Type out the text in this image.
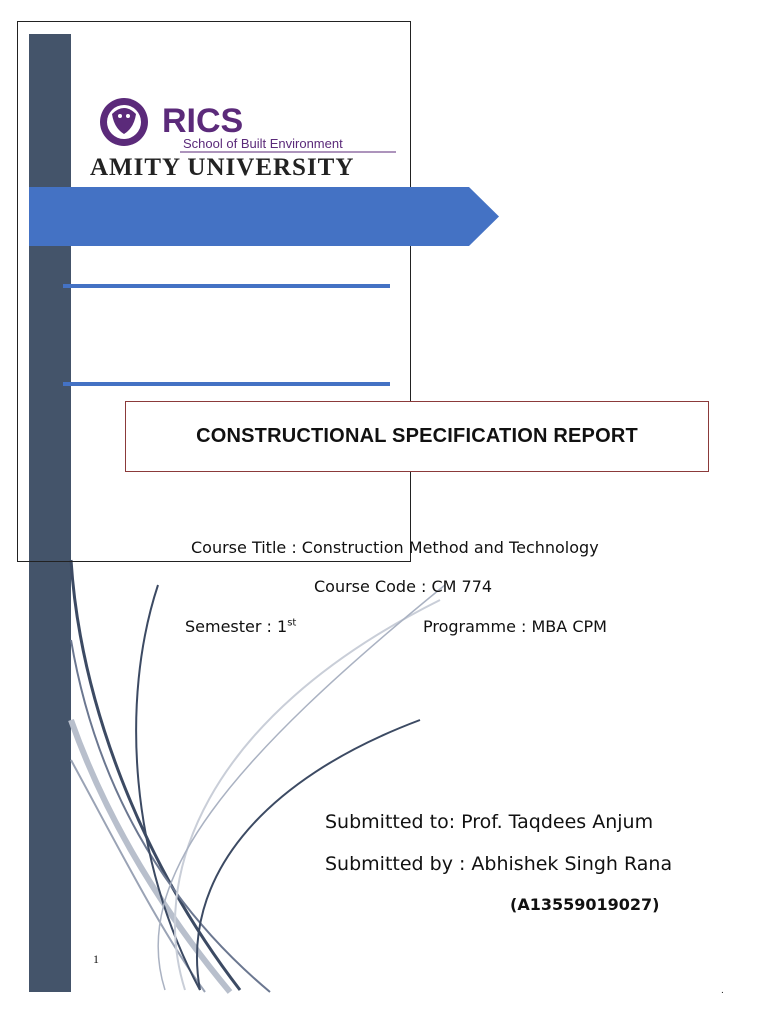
RICS
School of Built Environment
AMITY UNIVERSITY
CONSTRUCTIONAL SPECIFICATION REPORT
Course Title : Construction Method and Technology
Course Code : CM 774
Semester : 1st	Programme : MBA CPM
Submitted to: Prof. Taqdees Anjum
Submitted by : Abhishek Singh Rana
(A13559019027)
1
.
